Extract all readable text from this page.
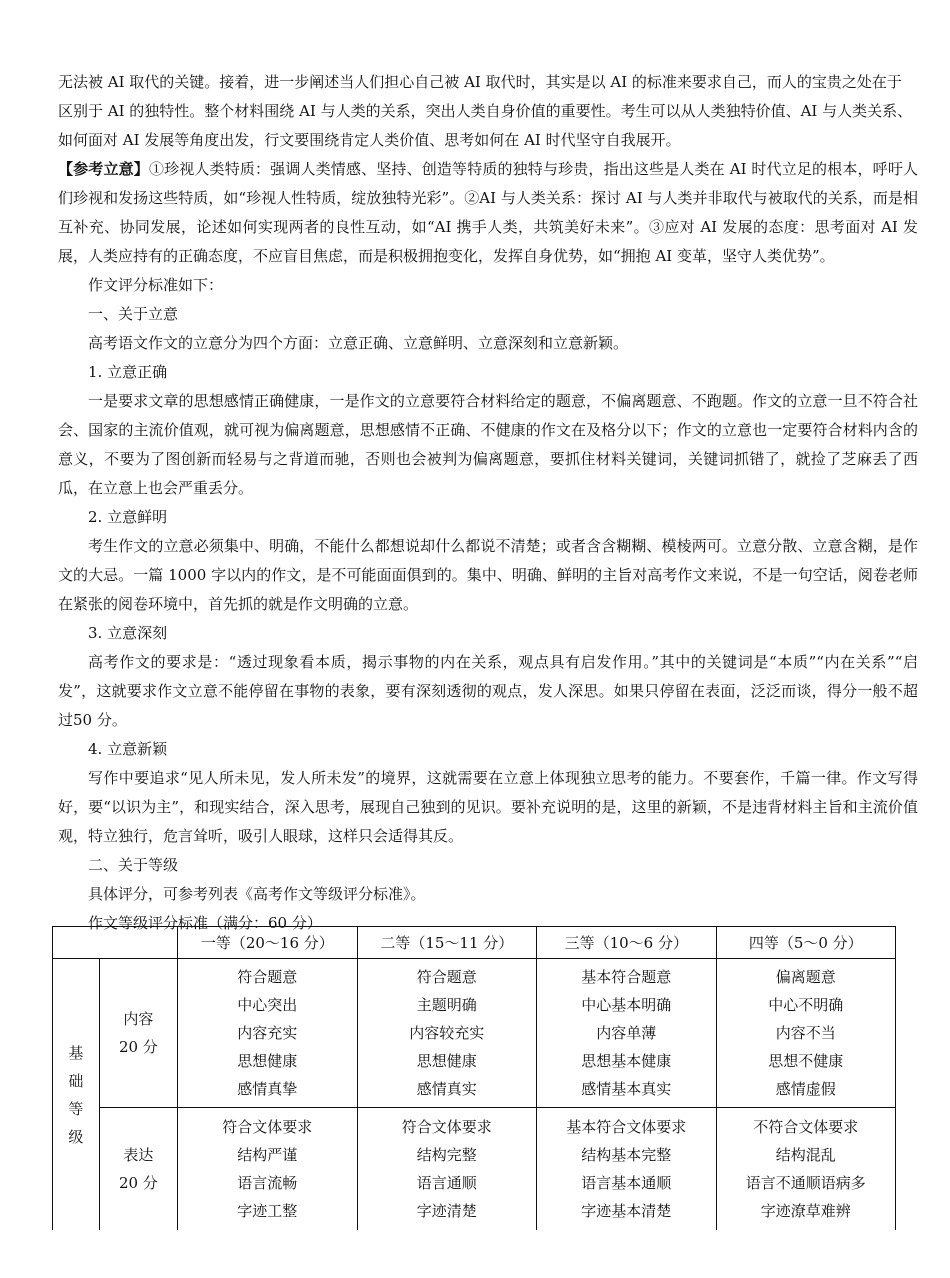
无法被 AI 取代的关键。接着，进一步阐述当人们担心自己被 AI 取代时，其实是以 AI 的标准来要求自己，而人的宝贵之处在于

区别于 AI 的独特性。整个材料围绕 AI 与人类的关系，突出人类自身价值的重要性。考生可以从人类独特价值、AI 与人类关系、

如何面对 AI 发展等角度出发，行文要围绕肯定人类价值、思考如何在 AI 时代坚守自我展开。

【参考立意】①珍视人类特质：强调人类情感、坚持、创造等特质的独特与珍贵，指出这些是人类在 AI 时代立足的根本，呼吁人们珍视和发扬这些特质，如“珍视人性特质，绽放独特光彩”。②AI 与人类关系：探讨 AI 与人类并非取代与被取代的关系，而是相互补充、协同发展，论述如何实现两者的良性互动，如“AI 携手人类，共筑美好未来”。③应对 AI 发展的态度：思考面对 AI 发展，人类应持有的正确态度，不应盲目焦虑，而是积极拥抱变化，发挥自身优势，如“拥抱 AI 变革，坚守人类优势”。

作文评分标准如下：

一、关于立意

高考语文作文的立意分为四个方面：立意正确、立意鲜明、立意深刻和立意新颖。

1. 立意正确

一是要求文章的思想感情正确健康，一是作文的立意要符合材料给定的题意，不偏离题意、不跑题。作文的立意一旦不符合社会、国家的主流价值观，就可视为偏离题意，思想感情不正确、不健康的作文在及格分以下；作文的立意也一定要符合材料内含的意义，不要为了图创新而轻易与之背道而驰，否则也会被判为偏离题意，要抓住材料关键词，关键词抓错了，就捡了芝麻丢了西瓜，在立意上也会严重丢分。

2. 立意鲜明

考生作文的立意必须集中、明确，不能什么都想说却什么都说不清楚；或者含含糊糊、模棱两可。立意分散、立意含糊，是作文的大忌。一篇 1000 字以内的作文，是不可能面面俱到的。集中、明确、鲜明的主旨对高考作文来说，不是一句空话，阅卷老师在紧张的阅卷环境中，首先抓的就是作文明确的立意。

3. 立意深刻

高考作文的要求是：“透过现象看本质，揭示事物的内在关系，观点具有启发作用。”其中的关键词是“本质”“内在关系”“启发”，这就要求作文立意不能停留在事物的表象，要有深刻透彻的观点，发人深思。如果只停留在表面，泛泛而谈，得分一般不超过50 分。

4. 立意新颖

写作中要追求“见人所未见，发人所未发”的境界，这就需要在立意上体现独立思考的能力。不要套作，千篇一律。作文写得好，要“以识为主”，和现实结合，深入思考，展现自己独到的见识。要补充说明的是，这里的新颖，不是违背材料主旨和主流价值观，特立独行，危言耸听，吸引人眼球，这样只会适得其反。

二、关于等级

具体评分，可参考列表《高考作文等级评分标准》。

作文等级评分标准（满分：60 分）

		一等（20～16 分）	二等（15～11 分）	三等（10～6 分）	四等（5～0 分）

基
础
等
级	内容
20 分	符合题意
中心突出
内容充实
思想健康
感情真挚	符合题意
主题明确
内容较充实
思想健康
感情真实	基本符合题意
中心基本明确
内容单薄
思想基本健康
感情基本真实	偏离题意
中心不明确
内容不当
思想不健康
感情虚假

	表达
20 分	符合文体要求
结构严谨
语言流畅
字迹工整	符合文体要求
结构完整
语言通顺
字迹清楚	基本符合文体要求
结构基本完整
语言基本通顺
字迹基本清楚	不符合文体要求
结构混乱
语言不通顺语病多
字迹潦草难辨
